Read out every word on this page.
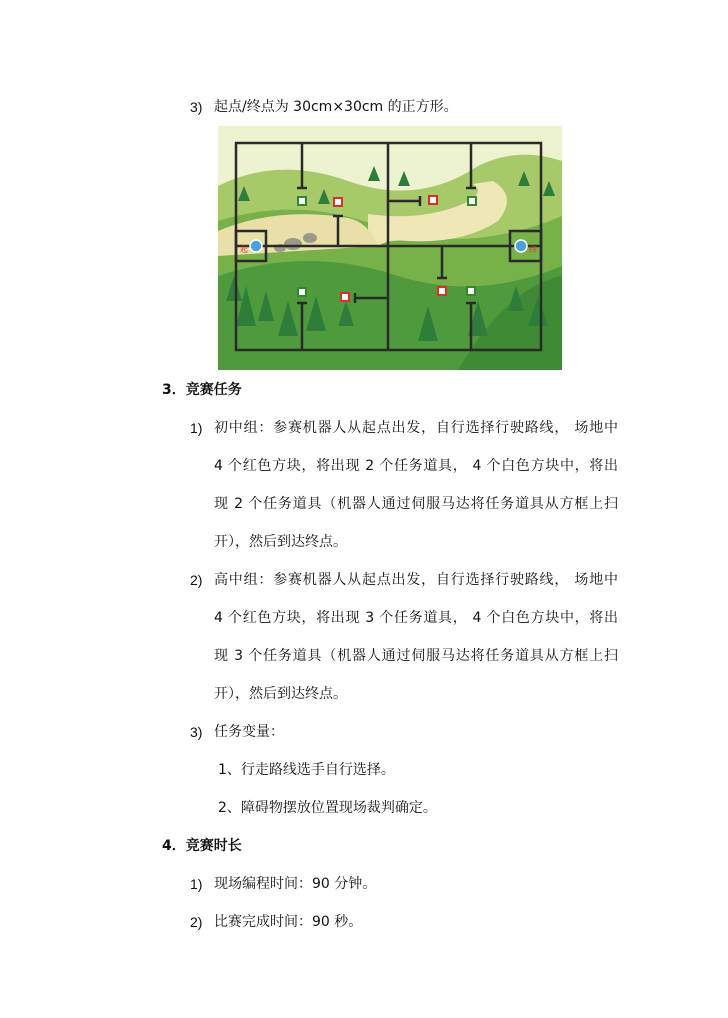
3) 起点/终点为 30cm×30cm 的正方形。
起	终
3．竞赛任务
1) 初中组：参赛机器人从起点出发，自行选择行驶路线， 场地中
4 个红色方块，将出现 2 个任务道具， 4 个白色方块中，将出
现 2 个任务道具（机器人通过伺服马达将任务道具从方框上扫
开），然后到达终点。
2) 高中组：参赛机器人从起点出发，自行选择行驶路线， 场地中
4 个红色方块，将出现 3 个任务道具， 4 个白色方块中，将出
现 3 个任务道具（机器人通过伺服马达将任务道具从方框上扫
开），然后到达终点。
3) 任务变量：
1、行走路线选手自行选择。
2、障碍物摆放位置现场裁判确定。
4．竞赛时长
1) 现场编程时间：90 分钟。
2) 比赛完成时间：90 秒。
